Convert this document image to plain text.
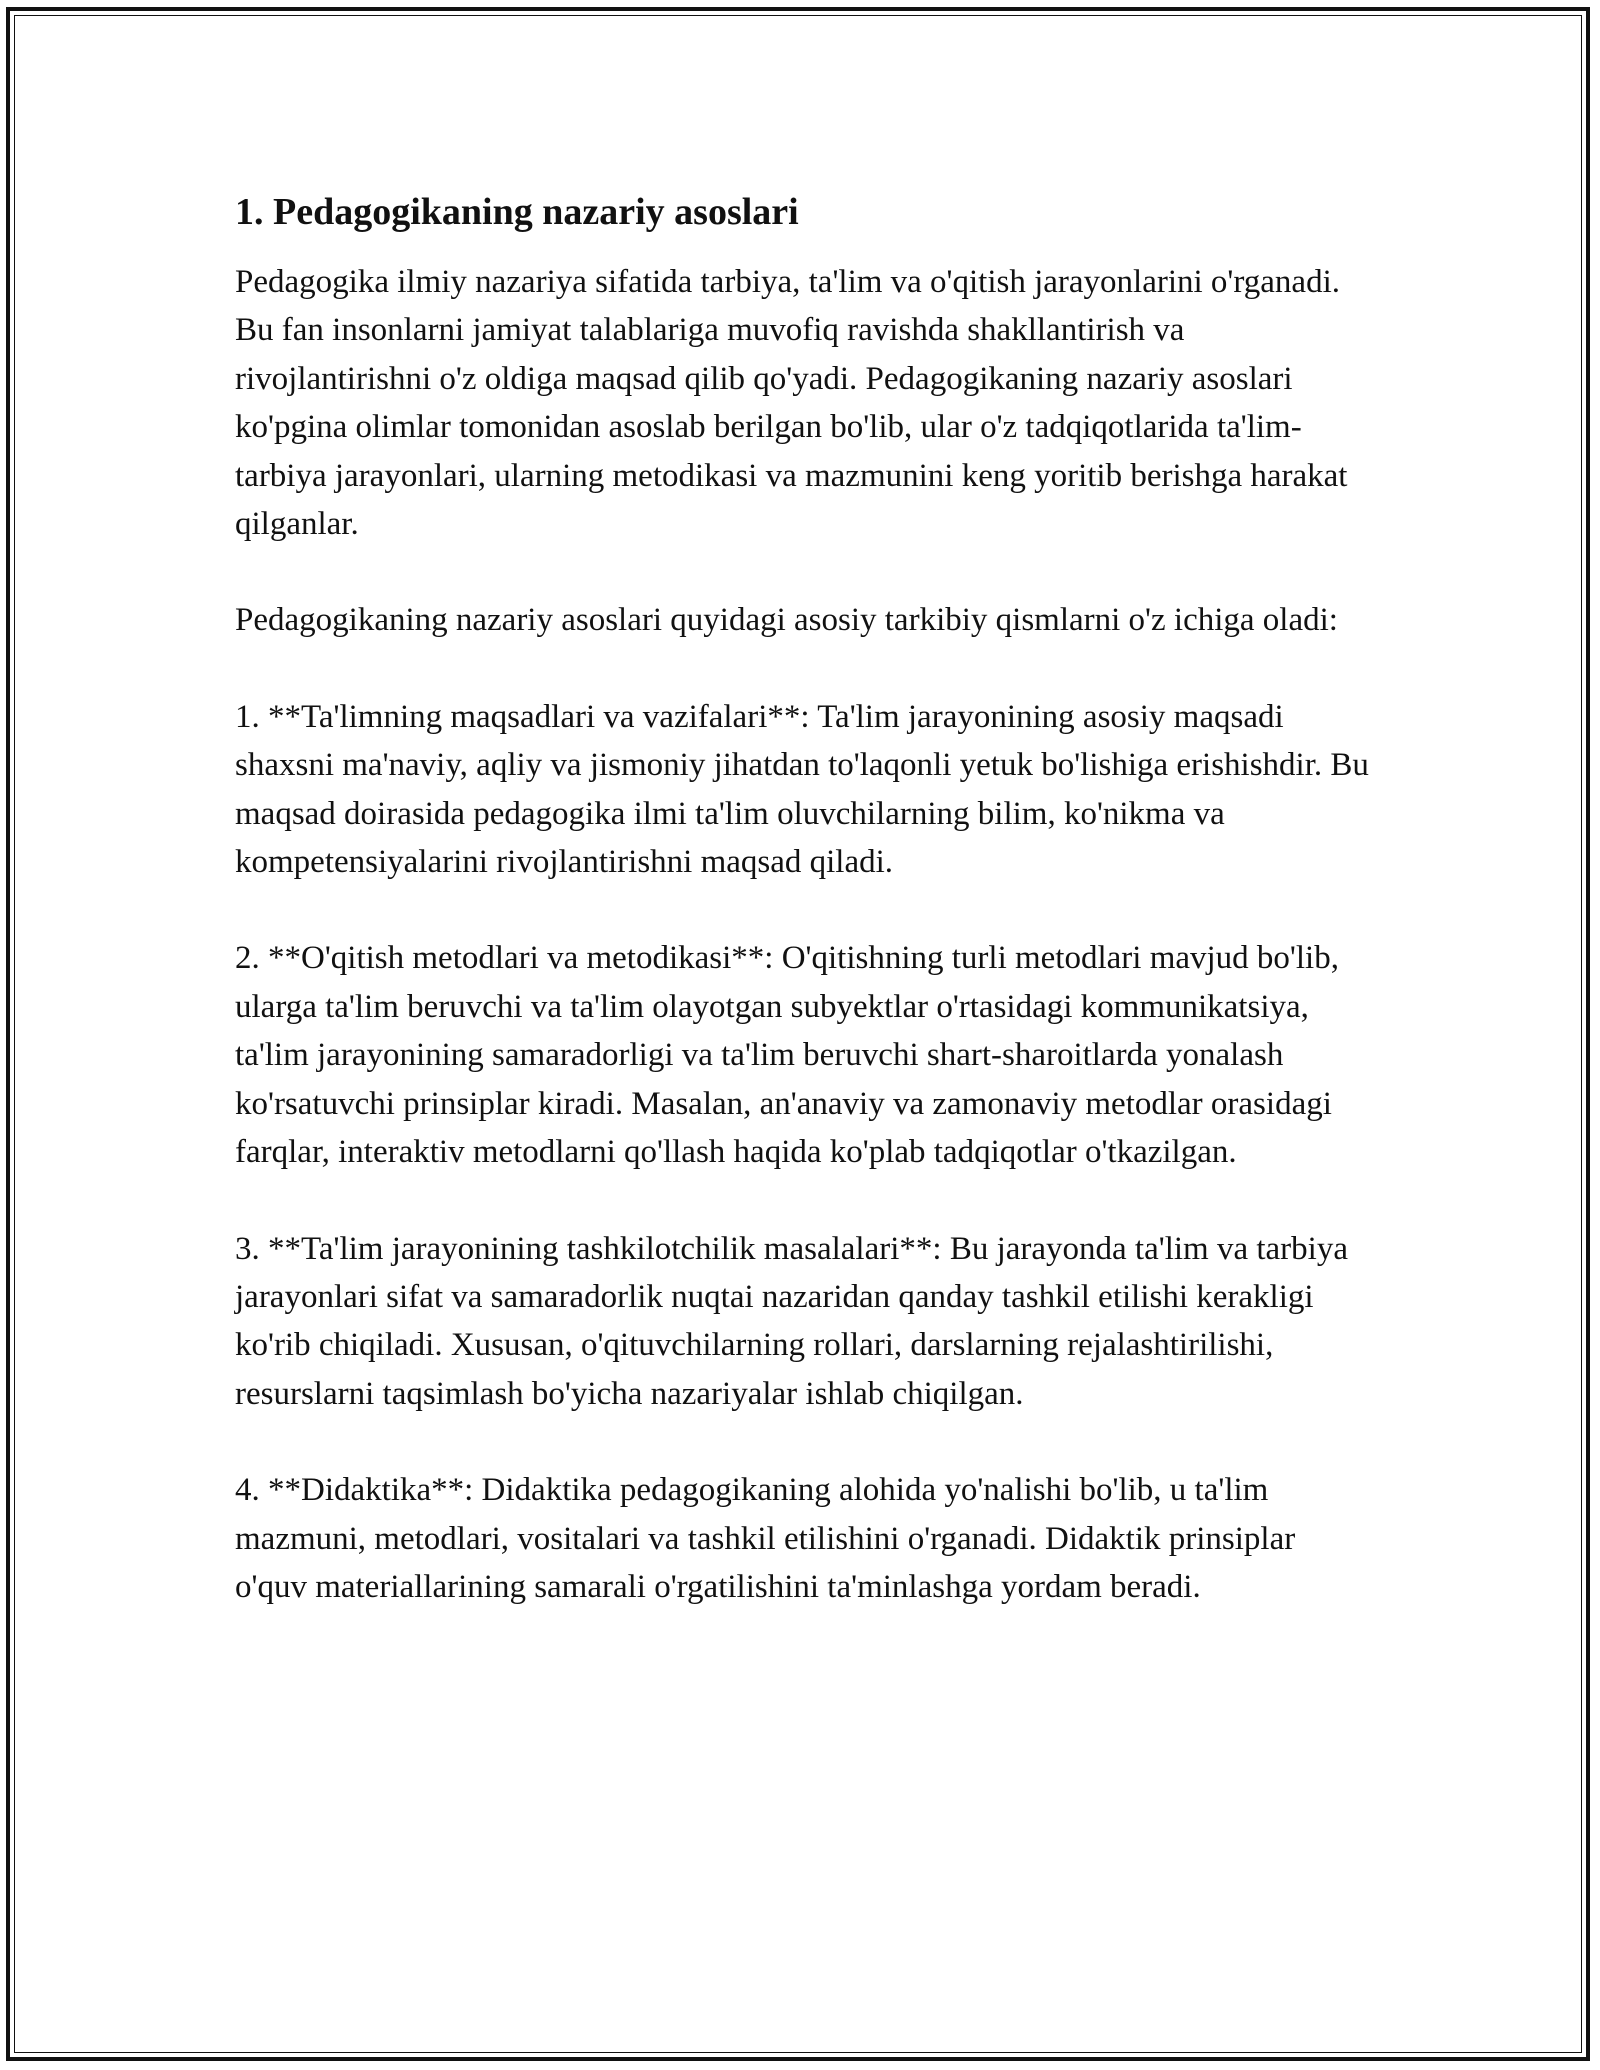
1. Pedagogikaning nazariy asoslari

Pedagogika ilmiy nazariya sifatida tarbiya, ta'lim va o'qitish jarayonlarini o'rganadi. Bu fan insonlarni jamiyat talablariga muvofiq ravishda shakllantirish va rivojlantirishni o'z oldiga maqsad qilib qo'yadi. Pedagogikaning nazariy asoslari ko'pgina olimlar tomonidan asoslab berilgan bo'lib, ular o'z tadqiqotlarida ta'lim-tarbiya jarayonlari, ularning metodikasi va mazmunini keng yoritib berishga harakat qilganlar.

Pedagogikaning nazariy asoslari quyidagi asosiy tarkibiy qismlarni o'z ichiga oladi:

1. **Ta'limning maqsadlari va vazifalari**: Ta'lim jarayonining asosiy maqsadi shaxsni ma'naviy, aqliy va jismoniy jihatdan to'laqonli yetuk bo'lishiga erishishdir. Bu maqsad doirasida pedagogika ilmi ta'lim oluvchilarning bilim, ko'nikma va kompetensiyalarini rivojlantirishni maqsad qiladi.

2. **O'qitish metodlari va metodikasi**: O'qitishning turli metodlari mavjud bo'lib, ularga ta'lim beruvchi va ta'lim olayotgan subyektlar o'rtasidagi kommunikatsiya, ta'lim jarayonining samaradorligi va ta'lim beruvchi shart-sharoitlarda yonalash ko'rsatuvchi prinsiplar kiradi. Masalan, an'anaviy va zamonaviy metodlar orasidagi farqlar, interaktiv metodlarni qo'llash haqida ko'plab tadqiqotlar o'tkazilgan.

3. **Ta'lim jarayonining tashkilotchilik masalalari**: Bu jarayonda ta'lim va tarbiya jarayonlari sifat va samaradorlik nuqtai nazaridan qanday tashkil etilishi kerakligi ko'rib chiqiladi. Xususan, o'qituvchilarning rollari, darslarning rejalashtirilishi, resurslarni taqsimlash bo'yicha nazariyalar ishlab chiqilgan.

4. **Didaktika**: Didaktika pedagogikaning alohida yo'nalishi bo'lib, u ta'lim mazmuni, metodlari, vositalari va tashkil etilishini o'rganadi. Didaktik prinsiplar o'quv materiallarining samarali o'rgatilishini ta'minlashga yordam beradi.
